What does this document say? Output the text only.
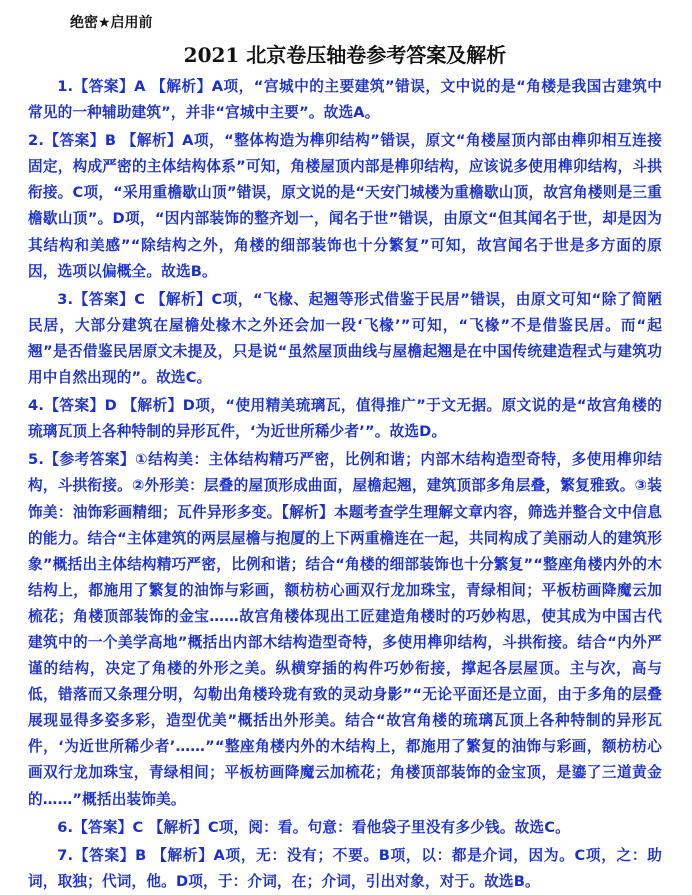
绝密★启用前
2021 北京卷压轴卷参考答案及解析
1.【答案】A 【解析】A项，“宫城中的主要建筑”错误，文中说的是“角楼是我国古建筑中常见的一种辅助建筑”，并非“宫城中主要”。故选A。
2.【答案】B 【解析】A项，“整体构造为榫卯结构”错误，原文“角楼屋顶内部由榫卯相互连接固定，构成严密的主体结构体系”可知，角楼屋顶内部是榫卯结构，应该说多使用榫卯结构，斗拱衔接。C项，“采用重檐歇山顶”错误，原文说的是“天安门城楼为重檐歇山顶，故宫角楼则是三重檐歇山顶”。D项，“因内部装饰的整齐划一，闻名于世”错误，由原文“但其闻名于世，却是因为其结构和美感”“除结构之外，角楼的细部装饰也十分繁复”可知，故宫闻名于世是多方面的原因，选项以偏概全。故选B。
3.【答案】C 【解析】C项，“飞椽、起翘等形式借鉴于民居”错误，由原文可知“除了简陋民居，大部分建筑在屋檐处椽木之外还会加一段‘飞椽’”可知，“飞椽”不是借鉴民居。而“起翘”是否借鉴民居原文未提及，只是说“虽然屋顶曲线与屋檐起翘是在中国传统建造程式与建筑功用中自然出现的”。故选C。
4.【答案】D 【解析】D项，“使用精美琉璃瓦，值得推广”于文无据。原文说的是“故宫角楼的琉璃瓦顶上各种特制的异形瓦件，‘为近世所稀少者’”。故选D。
5.【参考答案】①结构美：主体结构精巧严密，比例和谐；内部木结构造型奇特，多使用榫卯结构，斗拱衔接。②外形美：层叠的屋顶形成曲面，屋檐起翘，建筑顶部多角层叠，繁复雅致。③装饰美：油饰彩画精细；瓦件异形多变。【解析】本题考查学生理解文章内容，筛选并整合文中信息的能力。结合“主体建筑的两层屋檐与抱厦的上下两重檐连在一起，共同构成了美丽动人的建筑形象”概括出主体结构精巧严密，比例和谐；结合“角楼的细部装饰也十分繁复”“整座角楼内外的木结构上，都施用了繁复的油饰与彩画，额枋枋心画双行龙加珠宝，青绿相间；平板枋画降魔云加梳花；角楼顶部装饰的金宝……故宫角楼体现出工匠建造角楼时的巧妙构思，使其成为中国古代建筑中的一个美学高地”概括出内部木结构造型奇特，多使用榫卯结构，斗拱衔接。结合“内外严谨的结构，决定了角楼的外形之美。纵横穿插的构件巧妙衔接，撑起各层屋顶。主与次，高与低，错落而又条理分明，勾勒出角楼玲珑有致的灵动身影”“无论平面还是立面，由于多角的层叠展现显得多姿多彩，造型优美”概括出外形美。结合“故宫角楼的琉璃瓦顶上各种特制的异形瓦件，‘为近世所稀少者’……”“整座角楼内外的木结构上，都施用了繁复的油饰与彩画，额枋枋心画双行龙加珠宝，青绿相间；平板枋画降魔云加梳花；角楼顶部装饰的金宝顶，是鎏了三道黄金的……”概括出装饰美。
6.【答案】C 【解析】C项，阅：看。句意：看他袋子里没有多少钱。故选C。
7.【答案】B 【解析】A项，无：没有；不要。B项，以：都是介词，因为。C项，之：助词，取独；代词，他。D项，于：介词，在；介词，引出对象，对于。故选B。
